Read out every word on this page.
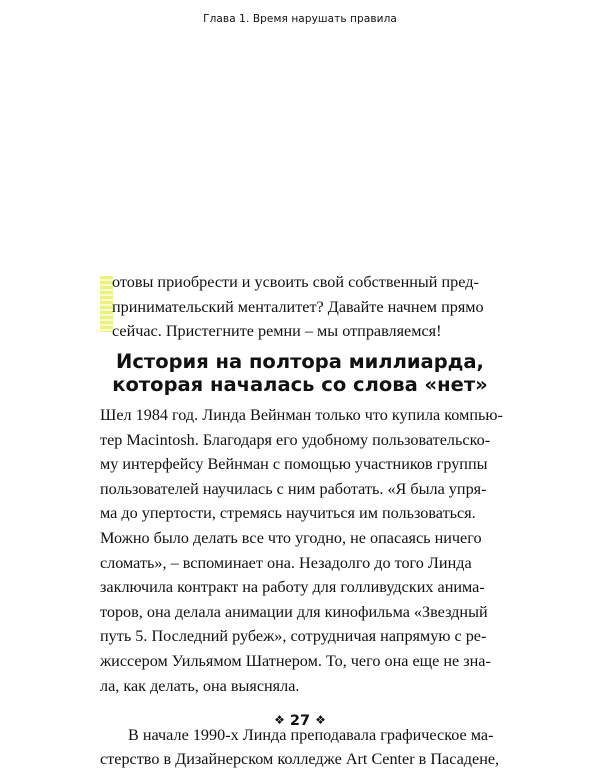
Глава 1. Время нарушать правила
отовы приобрести и усвоить свой собственный пред-
принимательский менталитет? Давайте начнем прямо
сейчас. Пристегните ремни – мы отправляемся!
История на полтора миллиарда,
которая началась со слова «нет»
Шел 1984 год. Линда Вейнман только что купила компью-
тер Macintosh. Благодаря его удобному пользовательско-
му интерфейсу Вейнман с помощью участников группы
пользователей научилась с ним работать. «Я была упря-
ма до упертости, стремясь научиться им пользоваться.
Можно было делать все что угодно, не опасаясь ничего
сломать», – вспоминает она. Незадолго до того Линда
заключила контракт на работу для голливудских анима-
торов, она делала анимации для кинофильма «Звездный
путь 5. Последний рубеж», сотрудничая напрямую с ре-
жиссером Уильямом Шатнером. То, чего она еще не зна-
ла, как делать, она выясняла.
В начале 1990-х Линда преподавала графическое ма-
стерство в Дизайнерском колледже Art Center в Пасадене,
❖ 27 ❖
